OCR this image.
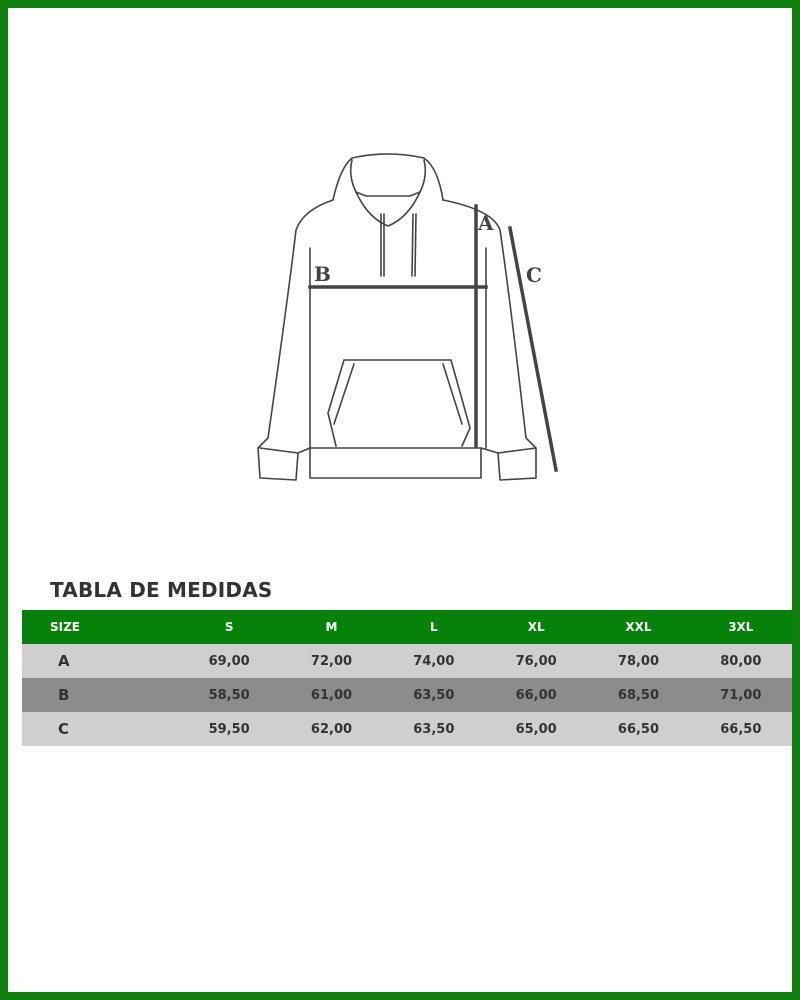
A
B	C
TABLA DE MEDIDAS
SIZE	S	M	L	XL	XXL	3XL
A	69,00	72,00	74,00	76,00	78,00	80,00
B	58,50	61,00	63,50	66,00	68,50	71,00
C	59,50	62,00	63,50	65,00	66,50	66,50
